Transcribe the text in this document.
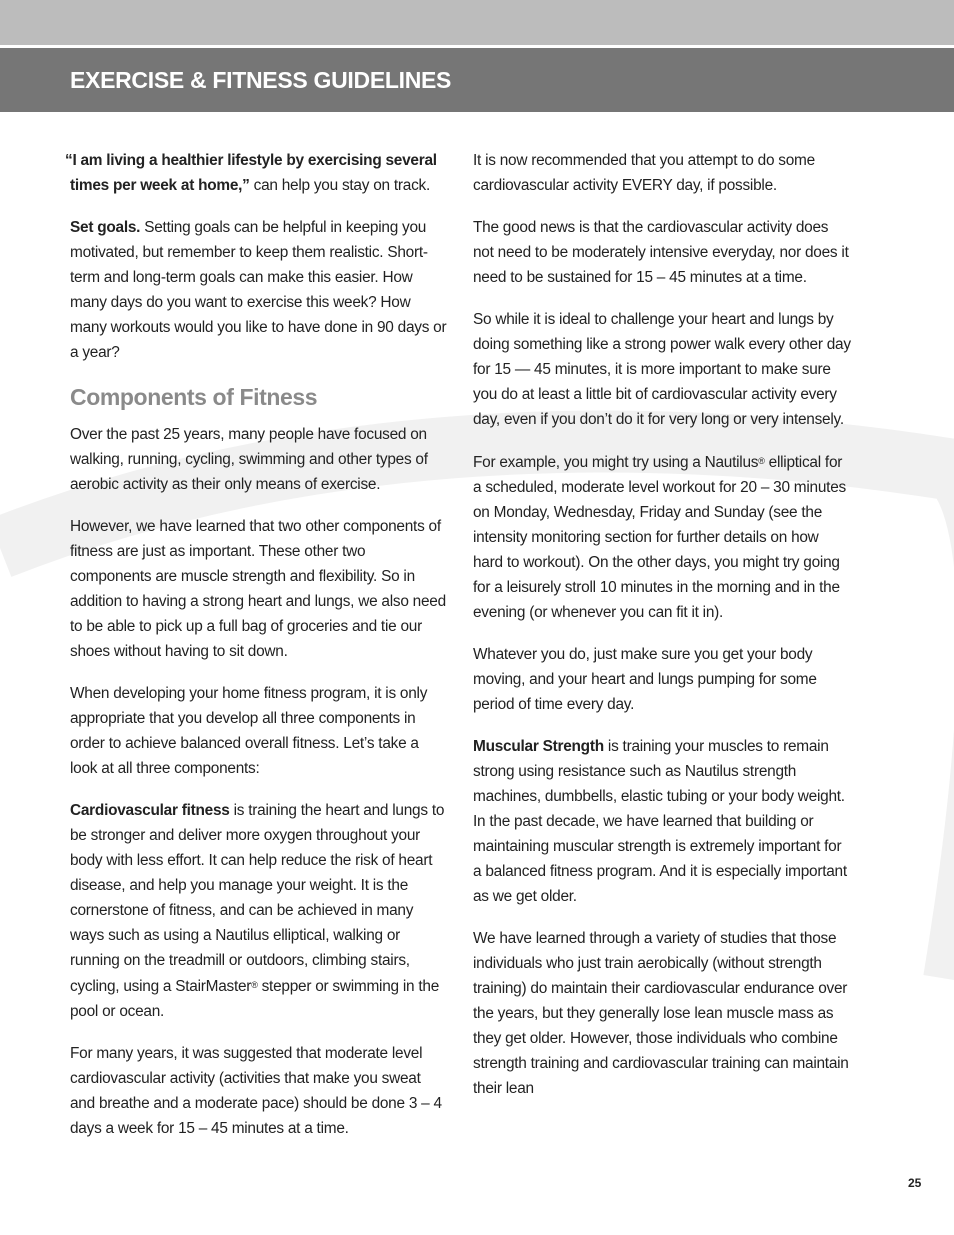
EXERCISE & FITNESS GUIDELINES

“I am living a healthier lifestyle by exercising several times per week at home,” can help you stay on track.

Set goals. Setting goals can be helpful in keeping you motivated, but remember to keep them realistic. Short-term and long-term goals can make this easier. How many days do you want to exercise this week? How many workouts would you like to have done in 90 days or a year?

Components of Fitness

Over the past 25 years, many people have focused on walking, running, cycling, swimming and other types of aerobic activity as their only means of exercise.

However, we have learned that two other components of fitness are just as important. These other two components are muscle strength and flexibility. So in addition to having a strong heart and lungs, we also need to be able to pick up a full bag of groceries and tie our shoes without having to sit down.

When developing your home fitness program, it is only appropriate that you develop all three components in order to achieve balanced overall fitness. Let’s take a look at all three components:

Cardiovascular fitness is training the heart and lungs to be stronger and deliver more oxygen throughout your body with less effort. It can help reduce the risk of heart disease, and help you manage your weight. It is the cornerstone of fitness, and can be achieved in many ways such as using a Nautilus elliptical, walking or running on the treadmill or outdoors, climbing stairs, cycling, using a StairMaster® stepper or swimming in the pool or ocean.

For many years, it was suggested that moderate level cardiovascular activity (activities that make you sweat and breathe and a moderate pace) should be done 3 – 4 days a week for 15 – 45 minutes at a time.

It is now recommended that you attempt to do some cardiovascular activity EVERY day, if possible.

The good news is that the cardiovascular activity does not need to be moderately intensive everyday, nor does it need to be sustained for 15 – 45 minutes at a time.

So while it is ideal to challenge your heart and lungs by doing something like a strong power walk every other day for 15 — 45 minutes, it is more important to make sure you do at least a little bit of cardiovascular activity every day, even if you don’t do it for very long or very intensely.

For example, you might try using a Nautilus® elliptical for a scheduled, moderate level workout for 20 – 30 minutes on Monday, Wednesday, Friday and Sunday (see the intensity monitoring section for further details on how hard to workout). On the other days, you might try going for a leisurely stroll 10 minutes in the morning and in the evening (or whenever you can fit it in).

Whatever you do, just make sure you get your body moving, and your heart and lungs pumping for some period of time every day.

Muscular Strength is training your muscles to remain strong using resistance such as Nautilus strength machines, dumbbells, elastic tubing or your body weight. In the past decade, we have learned that building or maintaining muscular strength is extremely important for a balanced fitness program. And it is especially important as we get older.

We have learned through a variety of studies that those individuals who just train aerobically (without strength training) do maintain their cardiovascular endurance over the years, but they generally lose lean muscle mass as they get older. However, those individuals who combine strength training and cardiovascular training can maintain their lean

25
